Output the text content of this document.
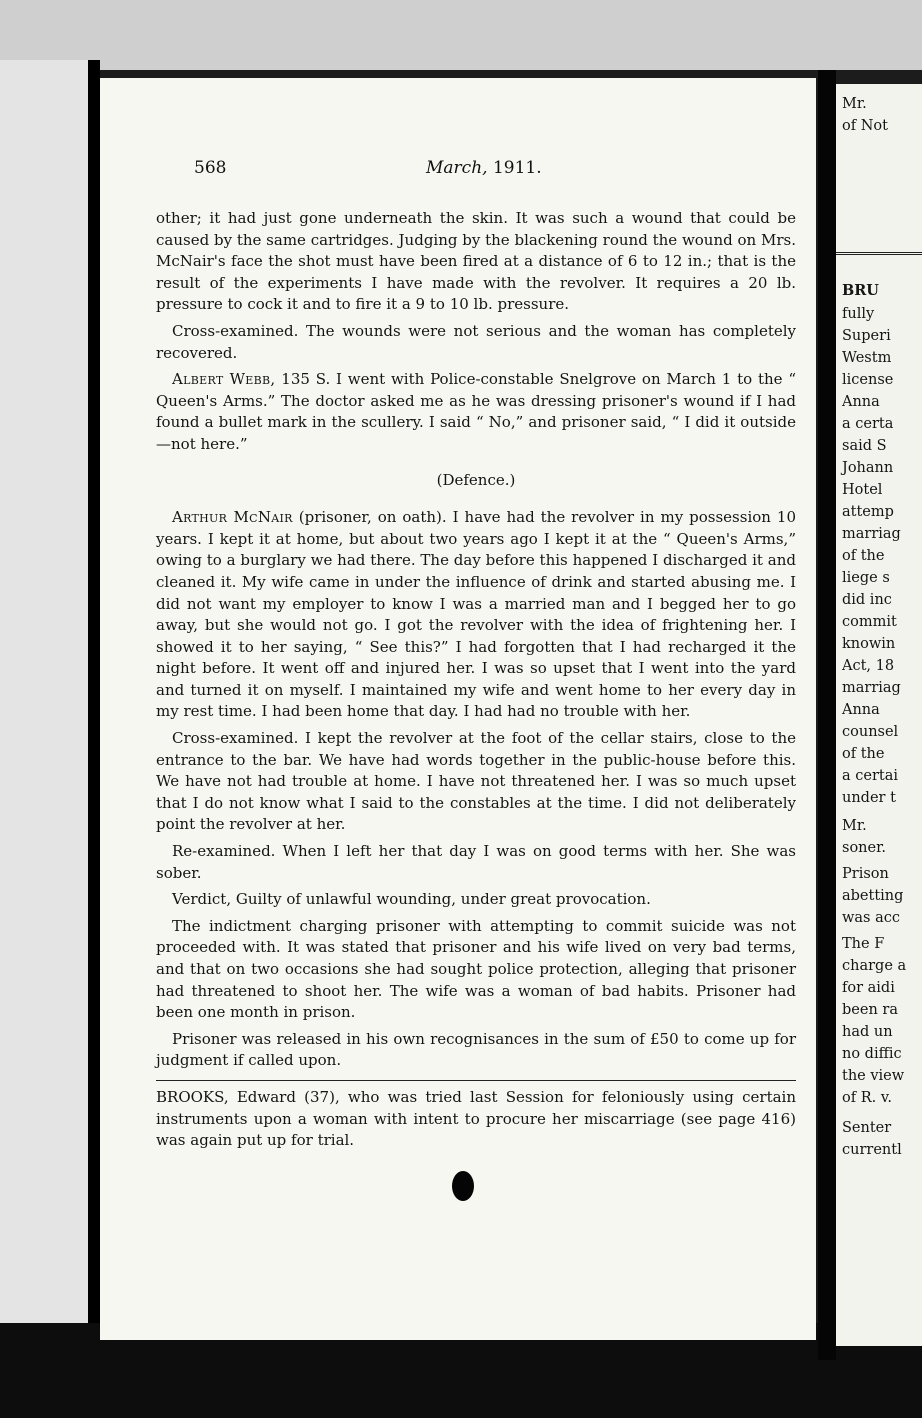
568	March, 1911.

other; it had just gone underneath the skin. It was such a wound that could be caused by the same cartridges. Judging by the blackening round the wound on Mrs. McNair's face the shot must have been fired at a distance of 6 to 12 in.; that is the result of the experiments I have made with the revolver. It requires a 20 lb. pressure to cock it and to fire it a 9 to 10 lb. pressure.

Cross-examined. The wounds were not serious and the woman has completely recovered.

Albert Webb, 135 S. I went with Police-constable Snelgrove on March 1 to the “ Queen's Arms.” The doctor asked me as he was dressing prisoner's wound if I had found a bullet mark in the scullery. I said “ No,” and prisoner said, “ I did it outside—not here.”

(Defence.)

Arthur McNair (prisoner, on oath). I have had the revolver in my possession 10 years. I kept it at home, but about two years ago I kept it at the “ Queen's Arms,” owing to a burglary we had there. The day before this happened I discharged it and cleaned it. My wife came in under the influence of drink and started abusing me. I did not want my employer to know I was a married man and I begged her to go away, but she would not go. I got the revolver with the idea of frightening her. I showed it to her saying, “ See this?” I had forgotten that I had recharged it the night before. It went off and injured her. I was so upset that I went into the yard and turned it on myself. I maintained my wife and went home to her every day in my rest time. I had been home that day. I had had no trouble with her.

Cross-examined. I kept the revolver at the foot of the cellar stairs, close to the entrance to the bar. We have had words together in the public-house before this. We have not had trouble at home. I have not threatened her. I was so much upset that I do not know what I said to the constables at the time. I did not deliberately point the revolver at her.

Re-examined. When I left her that day I was on good terms with her. She was sober.

Verdict, Guilty of unlawful wounding, under great provocation.

The indictment charging prisoner with attempting to commit suicide was not proceeded with. It was stated that prisoner and his wife lived on very bad terms, and that on two occasions she had sought police protection, alleging that prisoner had threatened to shoot her. The wife was a woman of bad habits. Prisoner had been one month in prison.

Prisoner was released in his own recognisances in the sum of £50 to come up for judgment if called upon.

BROOKS, Edward (37), who was tried last Session for feloniously using certain instruments upon a woman with intent to procure her miscarriage (see page 416) was again put up for trial.

Mr.
of Not
BRU
fully
Superi
Westm
license
Anna
a certa
said S
Johann
Hotel
attemp
marriag
of the
liege s
did inc
commit
knowin
Act, 18
marriag
Anna
counsel
of the
a certai
under t
Mr.
soner.
Prison
abetting
was acc
The F
charge a
for aidi
been ra
had un
no diffic
the view
of R. v.
Senter
currentl
